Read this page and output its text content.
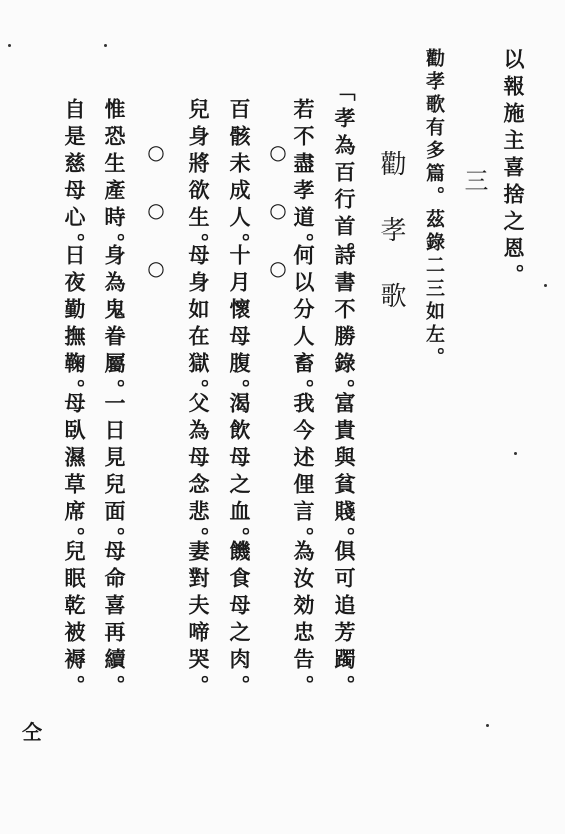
以報施主喜捨之恩。
勸孝歌有多篇。茲錄二三如左。 三
勸孝歌
「孝為百行首。
詩書不勝錄。
富貴與貧賤。
俱可追芳躅。
若不盡孝道。
何以分人畜。
我今述俚言。
為汝効忠告。
○○○
百骸未成人。
十月懷母腹。
渴飲母之血。
饑食母之肉。
兒身將欲生。
母身如在獄。
父為母念悲。
妻對夫啼哭。
○○○
惟恐生產時。
身為鬼眷屬。
一日見兒面。
母命喜再續。
自是慈母心。
日夜勤撫鞠。
母臥濕草席。
兒眠乾被褥。
仝
